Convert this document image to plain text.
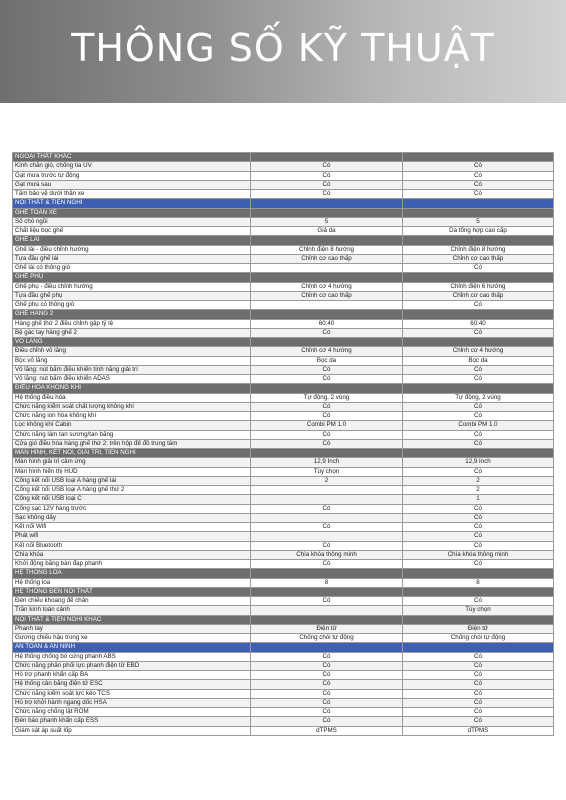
THÔNG SỐ KỸ THUẬT
NGOẠI THẤT KHÁC		
Kính chắn gió, chống tia UV	Có	Có
Gạt mưa trước tự động	Có	Có
Gạt mưa sau	Có	Có
Tấm bảo vệ dưới thân xe	Có	Có
NỘI THẤT & TIỆN NGHI		
GHẾ TOÀN XE		
Số chỗ ngồi	5	5
Chất liệu bọc ghế	Giả da	Da tổng hợp cao cấp
GHẾ LÁI		
Ghế lái - điều chỉnh hướng	Chỉnh điện 8 hướng	Chỉnh điện 8 hướng
Tựa đầu ghế lái	Chỉnh cơ cao thấp	Chỉnh cơ cao thấp
Ghế lái có thông gió		Có
GHẾ PHỤ		
Ghế phụ - điều chỉnh hướng	Chỉnh cơ 4 hướng	Chỉnh điện 6 hướng
Tựa đầu ghế phụ	Chỉnh cơ cao thấp	Chỉnh cơ cao thấp
Ghế phụ có thông gió		Có
GHẾ HÀNG 2		
Hàng ghế thứ 2 điều chỉnh gập tỷ lệ	60:40	60:40
Bệ gác tay hàng ghế 2	Có	Có
VÔ LĂNG		
Điều chỉnh vô lăng	Chỉnh cơ 4 hướng	Chỉnh cơ 4 hướng
Bọc vô lăng	Bọc da	Bọc da
Vô lăng: nút bấm điều khiển tính năng giải trí	Có	Có
Vô lăng: nút bấm điều khiển ADAS	Có	Có
ĐIỀU HÒA KHÔNG KHÍ		
Hệ thống điều hòa	Tự động, 2 vùng	Tự động, 2 vùng
Chức năng kiểm soát chất lượng không khí	Có	Có
Chức năng ion hóa không khí	Có	Có
Lọc không khí Cabin	Combi PM 1.0	Combi PM 1.0
Chức năng làm tan sương/tan băng	Có	Có
Cửa gió điều hòa hàng ghế thứ 2: trên hộp để đồ trung tâm	Có	Có
MÀN HÌNH, KẾT NỐI, GIẢI TRÍ, TIỆN NGHI		
Màn hình giải trí cảm ứng	12,9 Inch	12,9 Inch
Màn hình hiển thị HUD	Tùy chọn	Có
Cổng kết nối USB loại A hàng ghế lái	2	2
Cổng kết nối USB loại A hàng ghế thứ 2		2
Cổng kết nối USB loại C		1
Cổng sạc 12V hàng trước	Có	Có
Sạc không dây		Có
Kết nối Wifi	Có	Có
Phát wifi		Có
Kết nối Bluetooth	Có	Có
Chìa khóa	Chìa khóa thông minh	Chìa khóa thông minh
Khởi động bằng bàn đạp phanh	Có	Có
HỆ THỐNG LOA		
Hệ thống loa	8	8
HỆ THỐNG ĐÈN NỘI THẤT		
Đèn chiếu khoang để chân	Có	Có
Trần kính toàn cảnh		Tùy chọn
NỘI THẤT & TIỆN NGHI KHÁC		
Phanh tay	Điện tử	Điện tử
Gương chiếu hậu trong xe	Chống chói tự động	Chống chói tự động
AN TOÀN & AN NINH		
Hệ thống chống bó cứng phanh ABS	Có	Có
Chức năng phân phối lực phanh điện tử EBD	Có	Có
Hỗ trợ phanh khẩn cấp BA	Có	Có
Hệ thống cân bằng điện tử ESC	Có	Có
Chức năng kiểm soát lực kéo TCS	Có	Có
Hỗ trợ khởi hành ngang dốc HSA	Có	Có
Chức năng chống lật ROM	Có	Có
Đèn báo phanh khẩn cấp ESS	Có	Có
Giám sát áp suất lốp	dTPMS	dTPMS
